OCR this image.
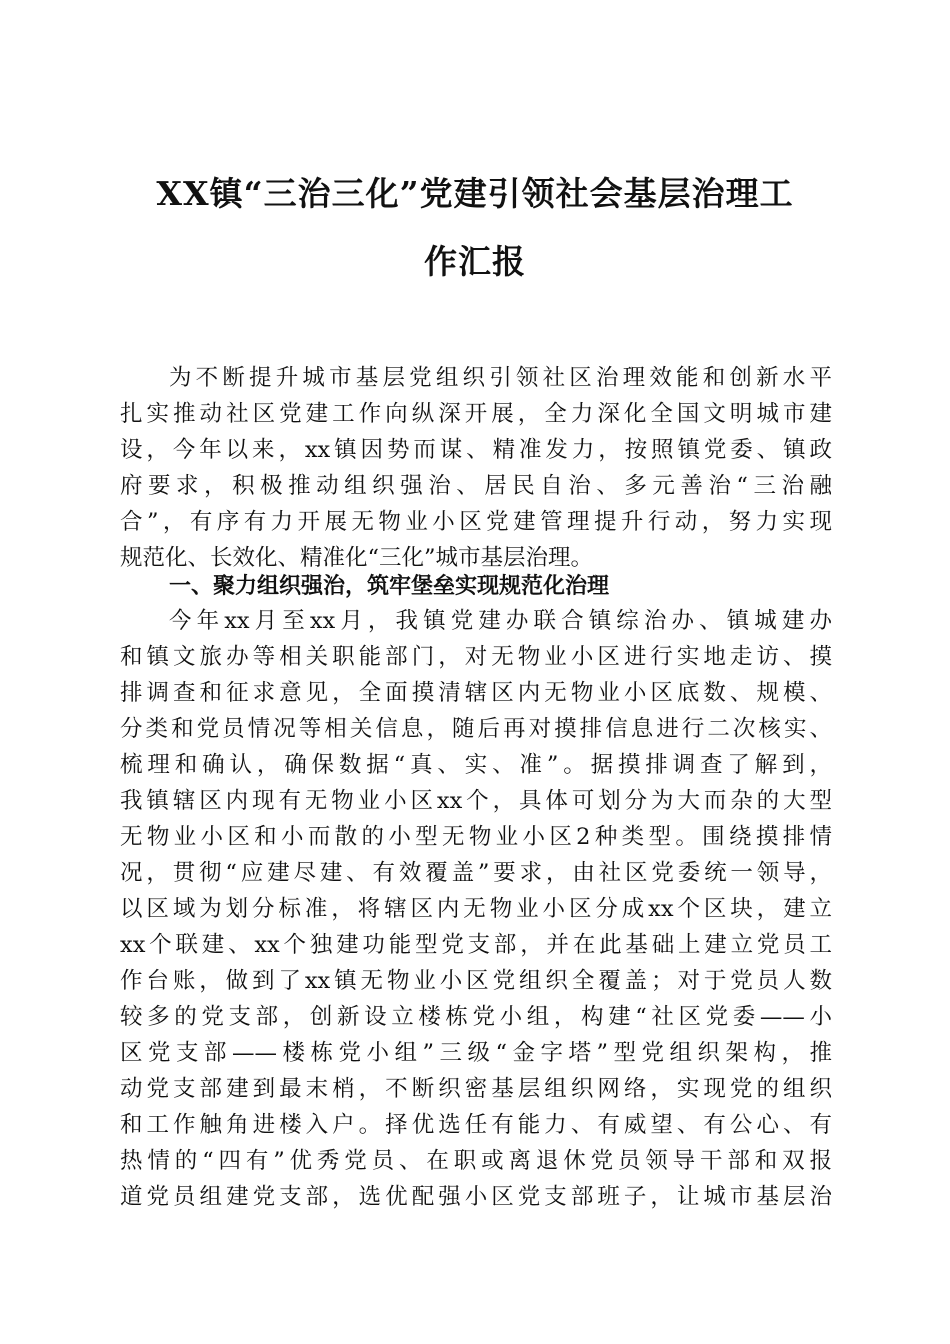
XX镇“三治三化”党建引领社会基层治理工
作汇报
为不断提升城市基层党组织引领社区治理效能和创新水平
扎实推动社区党建工作向纵深开展，全力深化全国文明城市建
设，今年以来，xx镇因势而谋、精准发力，按照镇党委、镇政
府要求，积极推动组织强治、居民自治、多元善治“三治融
合”，有序有力开展无物业小区党建管理提升行动，努力实现
规范化、长效化、精准化“三化”城市基层治理。
一、聚力组织强治，筑牢堡垒实现规范化治理
今年xx月至xx月，我镇党建办联合镇综治办、镇城建办
和镇文旅办等相关职能部门，对无物业小区进行实地走访、摸
排调查和征求意见，全面摸清辖区内无物业小区底数、规模、
分类和党员情况等相关信息，随后再对摸排信息进行二次核实、
梳理和确认，确保数据“真、实、准”。据摸排调查了解到，
我镇辖区内现有无物业小区xx个，具体可划分为大而杂的大型
无物业小区和小而散的小型无物业小区2种类型。围绕摸排情
况，贯彻“应建尽建、有效覆盖”要求，由社区党委统一领导，
以区域为划分标准，将辖区内无物业小区分成xx个区块，建立
xx个联建、xx个独建功能型党支部，并在此基础上建立党员工
作台账，做到了xx镇无物业小区党组织全覆盖；对于党员人数
较多的党支部，创新设立楼栋党小组，构建“社区党委——小
区党支部——楼栋党小组”三级“金字塔”型党组织架构，推
动党支部建到最末梢，不断织密基层组织网络，实现党的组织
和工作触角进楼入户。择优选任有能力、有威望、有公心、有
热情的“四有”优秀党员、在职或离退休党员领导干部和双报
道党员组建党支部，选优配强小区党支部班子，让城市基层治
